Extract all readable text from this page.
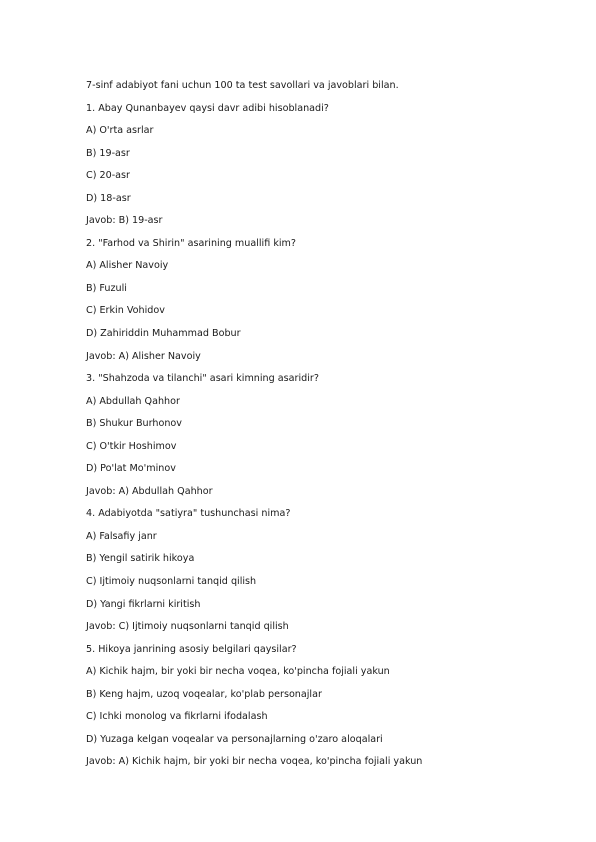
7-sinf adabiyot fani uchun 100 ta test savollari va javoblari bilan.
1. Abay Qunanbayev qaysi davr adibi hisoblanadi?
A) O'rta asrlar
B) 19-asr
C) 20-asr
D) 18-asr
Javob: B) 19-asr
2. "Farhod va Shirin" asarining muallifi kim?
A) Alisher Navoiy
B) Fuzuli
C) Erkin Vohidov
D) Zahiriddin Muhammad Bobur
Javob: A) Alisher Navoiy
3. "Shahzoda va tilanchi" asari kimning asaridir?
A) Abdullah Qahhor
B) Shukur Burhonov
C) O'tkir Hoshimov
D) Po'lat Mo'minov
Javob: A) Abdullah Qahhor
4. Adabiyotda "satiyra" tushunchasi nima?
A) Falsafiy janr
B) Yengil satirik hikoya
C) Ijtimoiy nuqsonlarni tanqid qilish
D) Yangi fikrlarni kiritish
Javob: C) Ijtimoiy nuqsonlarni tanqid qilish
5. Hikoya janrining asosiy belgilari qaysilar?
A) Kichik hajm, bir yoki bir necha voqea, ko'pincha fojiali yakun
B) Keng hajm, uzoq voqealar, ko'plab personajlar
C) Ichki monolog va fikrlarni ifodalash
D) Yuzaga kelgan voqealar va personajlarning o'zaro aloqalari
Javob: A) Kichik hajm, bir yoki bir necha voqea, ko'pincha fojiali yakun
